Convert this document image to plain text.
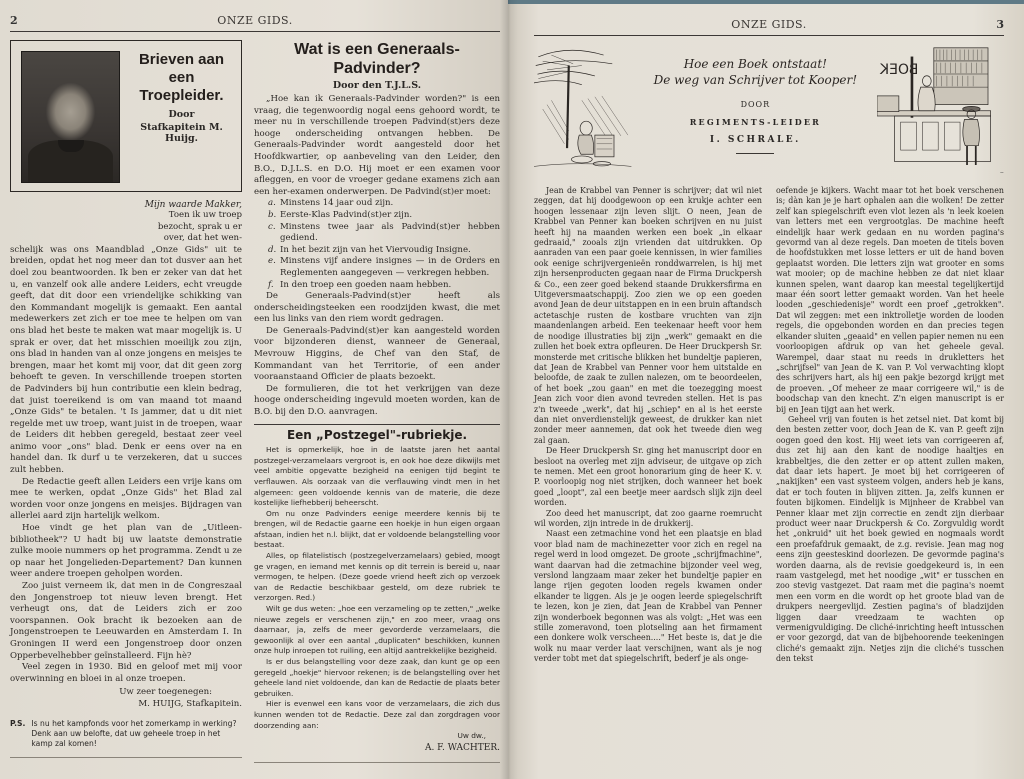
2	ONZE GIDS.
Brieven aan een Troepleider.
Door
Stafkapitein M. Huijg.
Mijn waarde Makker,
Toen ik uw troep
bezocht, sprak u er
over, dat het wen-

schelijk was ons Maandblad „Onze Gids" uit te breiden, opdat het nog meer dan tot dusver aan het doel zou beantwoorden. Ik ben er zeker van dat het u, en vanzelf ook alle andere Leiders, echt vreugde geeft, dat dit door een vriendelijke schikking van den Kommandant mogelijk is gemaakt. Een aantal medewerkers zet zich er toe mee te helpen om van ons blad het beste te maken wat maar mogelijk is. U sprak er over, dat het misschien moeilijk zou zijn, ons blad in handen van al onze jongens en meisjes te brengen, maar het komt mij voor, dat dit geen zorg behoeft te geven. In verschillende troepen storten de Padvinders bij hun contributie een klein bedrag, dat juist toereikend is om van maand tot maand „Onze Gids" te betalen. 't Is jammer, dat u dit niet regelde met uw troep, want juist in de troepen, waar de Leiders dit hebben geregeld, bestaat zeer veel animo voor „ons" blad. Denk er eens over na en handel dan. Ik durf u te verzekeren, dat u succes zult hebben.

De Redactie geeft allen Leiders een vrije kans om mee te werken, opdat „Onze Gids" het Blad zal worden voor onze jongens en meisjes. Bijdragen van allerlei aard zijn hartelijk welkom.

Hoe vindt ge het plan van de „Uitleen-bibliotheek"? U hadt bij uw laatste demonstratie zulke mooie nummers op het programma. Zendt u ze op naar het Jongelieden-Departement? Dan kunnen weer andere troepen geholpen worden.

Zoo juist verneem ik, dat men in de Congreszaal den Jongenstroep tot nieuw leven brengt. Het verheugt ons, dat de Leiders zich er zoo voorspannen. Ook bracht ik bezoeken aan de Jongenstroepen te Leeuwarden en Amsterdam I. In Groningen II werd een Jongenstroep door onzen Opperbevelhebber geïnstalleerd. Fijn hè?

Veel zegen in 1930. Bid en geloof met mij voor overwinning en bloei in al onze troepen.

Uw zeer toegenegen:
M. HUIJG, Stafkapitein.
P.S. Is nu het kampfonds voor het zomerkamp in werking? Denk aan uw belofte, dat uw geheele troep in het kamp zal komen!
Wat is een Generaals-Padvinder?
Door den T.J.L.S.

„Hoe kan ik Generaals-Padvinder worden?" is een vraag, die tegenwoordig nogal eens gehoord wordt, te meer nu in verschillende troepen Padvind(st)ers deze hooge onderscheiding ontvangen hebben. De Generaals-Padvinder wordt aangesteld door het Hoofdkwartier, op aanbeveling van den Leider, den B.O., D.J.L.S. en D.O. Hij moet er een examen voor afleggen, en voor de vroeger gedane examens zich aan een her-examen onderwerpen. De Padvind(st)er moet:

a. Minstens 14 jaar oud zijn.
b. Eerste-Klas Padvind(st)er zijn.
c. Minstens twee jaar als Padvind(st)er hebben gediend.
d. In het bezit zijn van het Viervoudig Insigne.
e. Minstens vijf andere insignes — in de Orders en Reglementen aangegeven — verkregen hebben.
f. In den troep een goeden naam hebben.

De Generaals-Padvind(st)er heeft als onderscheidingsteeken een roodzijden kwast, die met een lus links van den riem wordt gedragen.

De Generaals-Padvind(st)er kan aangesteld worden voor bijzonderen dienst, wanneer de Generaal, Mevrouw Higgins, de Chef van den Staf, de Kommandant van het Territorie, of een ander vooraanstaand Officier de plaats bezoekt.

De formulieren, die tot het verkrijgen van deze hooge onderscheiding ingevuld moeten worden, kan de B.O. bij den D.O. aanvragen.

Een „Postzegel"-rubriekje.

Het is opmerkelijk, hoe in de laatste jaren het aantal postzegel-verzamelaars vergroot is, en ook hoe deze dikwijls met veel ambitie opgevatte bezigheid na eenigen tijd begint te verflauwen. Als oorzaak van die verflauwing vindt men in het algemeen: geen voldoende kennis van de materie, die deze kostelijke liefhebberij beheerscht.

Om nu onze Padvinders eenige meerdere kennis bij te brengen, wil de Redactie gaarne een hoekje in hun eigen orgaan afstaan, indien het n.l. blijkt, dat er voldoende belangstelling voor bestaat.

Alles, op filatelistisch (postzegelverzamelaars) gebied, moogt ge vragen, en iemand met kennis op dit terrein is bereid u, naar vermogen, te helpen. (Deze goede vriend heeft zich op verzoek van de Redactie beschikbaar gesteld, om deze rubriek te verzorgen. Red.)

Wilt ge dus weten: „hoe een verzameling op te zetten," „welke nieuwe zegels er verschenen zijn," en zoo meer, vraag ons daarnaar, ja, zelfs de meer gevorderde verzamelaars, die gewoonlijk al over een aantal „duplicaten" beschikken, kunnen onze hulp inroepen tot ruiling, een altijd aantrekkelijke bezigheid.

Is er dus belangstelling voor deze zaak, dan kunt ge op een geregeld „hoekje" hiervoor rekenen; is de belangstelling over het geheele land niet voldoende, dan kan de Redactie de plaats beter gebruiken.

Hier is evenwel een kans voor de verzamelaars, die zich dus kunnen wenden tot de Redactie. Deze zal dan zorgdragen voor doorzending aan:

Uw dw.,
A. F. WACHTER.
ONZE GIDS.	3
Hoe een Boek ontstaat!
De weg van Schrijver tot Kooper!
DOOR
REGIMENTS-LEIDER
I. SCHRALE.

BOEK
~

Jean de Krabbel van Penner is schrijver; dat wil niet zeggen, dat hij doodgewoon op een krukje achter een hoogen lessenaar zijn leven slijt. O neen, Jean de Krabbel van Penner kan boeken schrijven en nu juist heeft hij na maanden werken een boek „in elkaar gedraaid," zooals zijn vrienden dat uitdrukken. Op aanraden van een paar goeie kennissen, in wier families ook eenige schrijvergenieën ronddwarrelen, is hij met zijn hersenproducten gegaan naar de Firma Druckpersh & Co., een zeer goed bekend staande Drukkersfirma en Uitgeversmaatschappij. Zoo zien we op een goeden avond Jean de deur uitstappen en in een bruin aftandsch actetaschje rusten de kostbare vruchten van zijn maandenlangen arbeid. Een teekenaar heeft voor hem de noodige illustraties bij zijn „werk" gemaakt en die zullen het boek extra opfleuren. De Heer Druckpersh Sr. monsterde met critische blikken het bundeltje papieren, dat Jean de Krabbel van Penner voor hem uitstalde en beloofde, de zaak te zullen nalezen, om te beoordeelen, of het boek „zou gaan" en met die toezegging moest Jean zich voor dien avond tevreden stellen. Het is pas z'n tweede „werk", dat hij „schiep" en al is het eerste dan niet onverdienstelijk geweest, de drukker kan niet zonder meer aannemen, dat ook het tweede dien weg zal gaan.

De Heer Druckpersh Sr. ging het manuscript door en besloot na overleg met zijn adviseur, de uitgave op zich te nemen. Met een groot honorarium ging de heer K. v. P. voorloopig nog niet strijken, doch wanneer het boek goed „loopt", zal een beetje meer aardsch slijk zijn deel worden.

Zoo deed het manuscript, dat zoo gaarne roemrucht wil worden, zijn intrede in de drukkerij.

Naast een zetmachine vond het een plaatsje en blad voor blad nam de machinezetter voor zich en regel na regel werd in lood omgezet. De groote „schrijfmachine", want daarvan had die zetmachine bijzonder veel weg, verslond langzaam maar zeker het bundeltje papier en lange rijen gegoten looden regels kwamen onder elkander te liggen. Als je je oogen leerde spiegelschrift te lezen, kon je zien, dat Jean de Krabbel van Penner zijn wonderboek begonnen was als volgt: „Het was een stille zomeravond, toen plotseling aan het firmament een donkere wolk verscheen...." Het beste is, dat je die wolk nu maar verder laat verschijnen, want als je nog verder tobt met dat spiegelschrift, bederf je als onge-

oefende je kijkers. Wacht maar tot het boek verschenen is; dàn kan je je hart ophalen aan die wolken! De zetter zelf kan spiegelschrift even vlot lezen als 'n leek koeien van letters met een vergrootglas. De machine heeft eindelijk haar werk gedaan en nu worden pagina's gevormd van al deze regels. Dan moeten de titels boven de hoofdstukken met losse letters er uit de hand boven geplaatst worden. Die letters zijn wat grooter en soms wat mooier; op de machine hebben ze dat niet klaar kunnen spelen, want daarop kan meestal tegelijkertijd maar één soort letter gemaakt worden. Van het heele looden „geschiedenisje" wordt een proef „getrokken". Dat wil zeggen: met een inktrolletje worden de looden regels, die opgebonden worden en dan precies tegen elkander sluiten „geaaid" en vellen papier nemen nu een voorloopigen afdruk op van het geheele geval. Warempel, daar staat nu reeds in drukletters het „schrijfsel" van Jean de K. van P. Vol verwachting klopt des schrijvers hart, als hij een pakje bezorgd krijgt met de proeven. „Of meheer ze maar corrigeere wil," is de boodschap van den knecht. Z'n eigen manuscript is er bij en Jean tijgt aan het werk.

Geheel vrij van fouten is het zetsel niet. Dat komt bij den besten zetter voor, doch Jean de K. van P. geeft zijn oogen goed den kost. Hij weet iets van corrigeeren af, dus zet hij aan den kant de noodige haaltjes en krabbeltjes, die den zetter er op attent zullen maken, dat daar iets hapert. Je moet bij het corrigeeren of „nakijken" een vast systeem volgen, anders heb je kans, dat er toch fouten in blijven zitten. Ja, zelfs kunnen er fouten bijkomen. Eindelijk is Mijnheer de Krabbel van Penner klaar met zijn correctie en zendt zijn dierbaar product weer naar Druckpersh & Co. Zorgvuldig wordt het „onkruid" uit het boek gewied en nogmaals wordt een proefafdruk gemaakt, de z.g. revisie. Jean mag nog eens zijn geesteskind doorlezen. De gevormde pagina's worden daarna, als de revisie goedgekeurd is, in een raam vastgelegd, met het noodige „wit" er tusschen en zoo stevig vastgezet. Dat raam met die pagina's noemt men een vorm en die wordt op het groote blad van de drukpers neergevlijd. Zestien pagina's of bladzijden liggen daar vreedzaam te wachten op vermenigvuldiging. De cliché-inrichting heeft intusschen er voor gezorgd, dat van de bijbehoorende teekeningen cliché's gemaakt zijn. Netjes zijn die cliché's tusschen den tekst
